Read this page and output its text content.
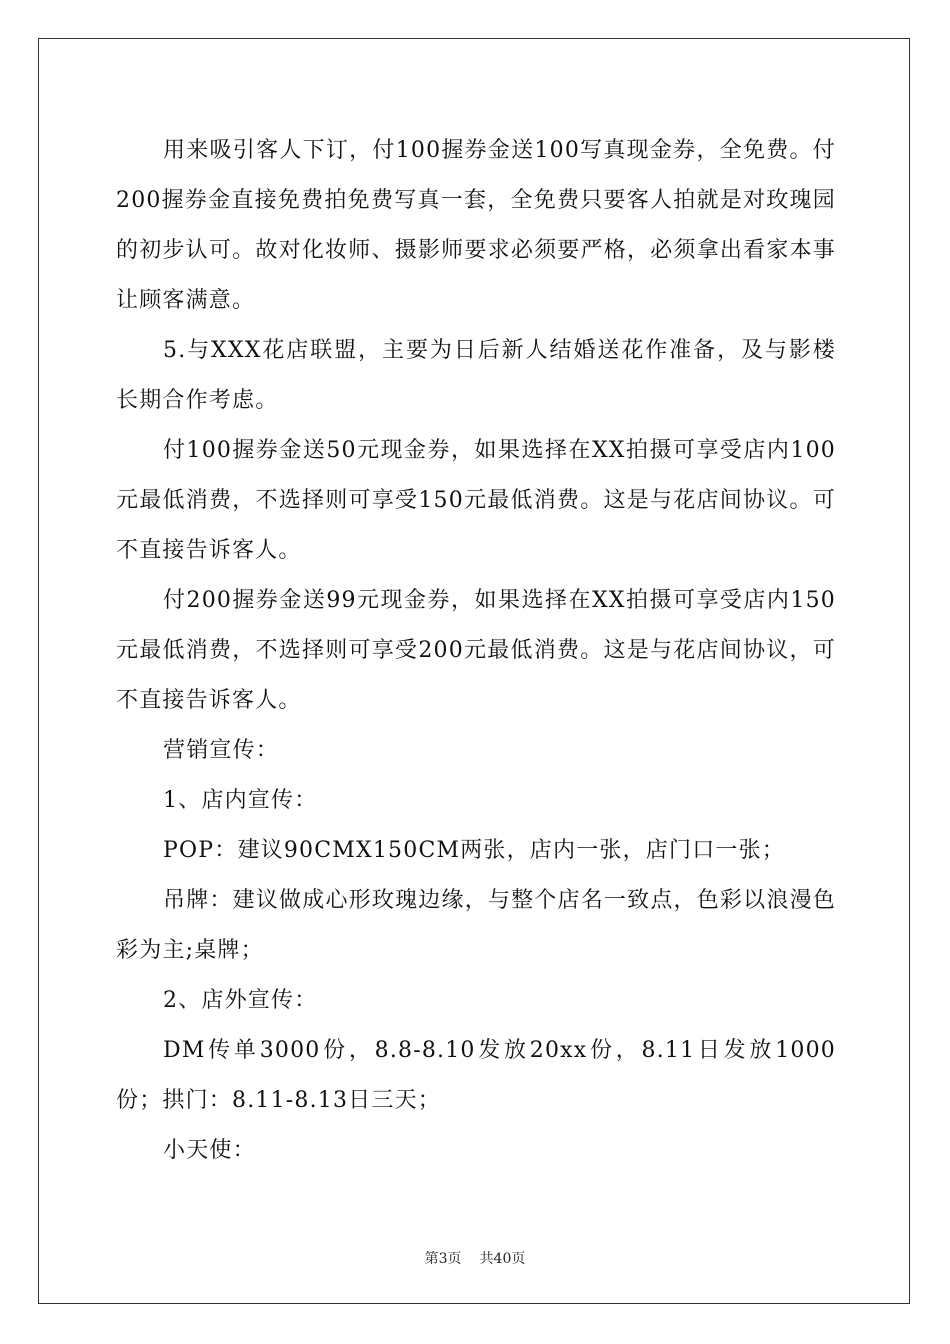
用来吸引客人下订，付100握券金送100写真现金券，全免费。付200握券金直接免费拍免费写真一套，全免费只要客人拍就是对玫瑰园的初步认可。故对化妆师、摄影师要求必须要严格，必须拿出看家本事让顾客满意。

5.与XXX花店联盟，主要为日后新人结婚送花作准备，及与影楼长期合作考虑。

付100握券金送50元现金券，如果选择在XX拍摄可享受店内100元最低消费，不选择则可享受150元最低消费。这是与花店间协议。可不直接告诉客人。

付200握券金送99元现金券，如果选择在XX拍摄可享受店内150元最低消费，不选择则可享受200元最低消费。这是与花店间协议，可不直接告诉客人。

营销宣传：

1、店内宣传：

POP：建议90CMX150CM两张，店内一张，店门口一张；

吊牌：建议做成心形玫瑰边缘，与整个店名一致点，色彩以浪漫色彩为主;桌牌；

2、店外宣传：

DM传单3000份，8.8-8.10发放20xx份，8.11日发放1000份；拱门：8.11-8.13日三天；

小天使：

第3页 共40页
